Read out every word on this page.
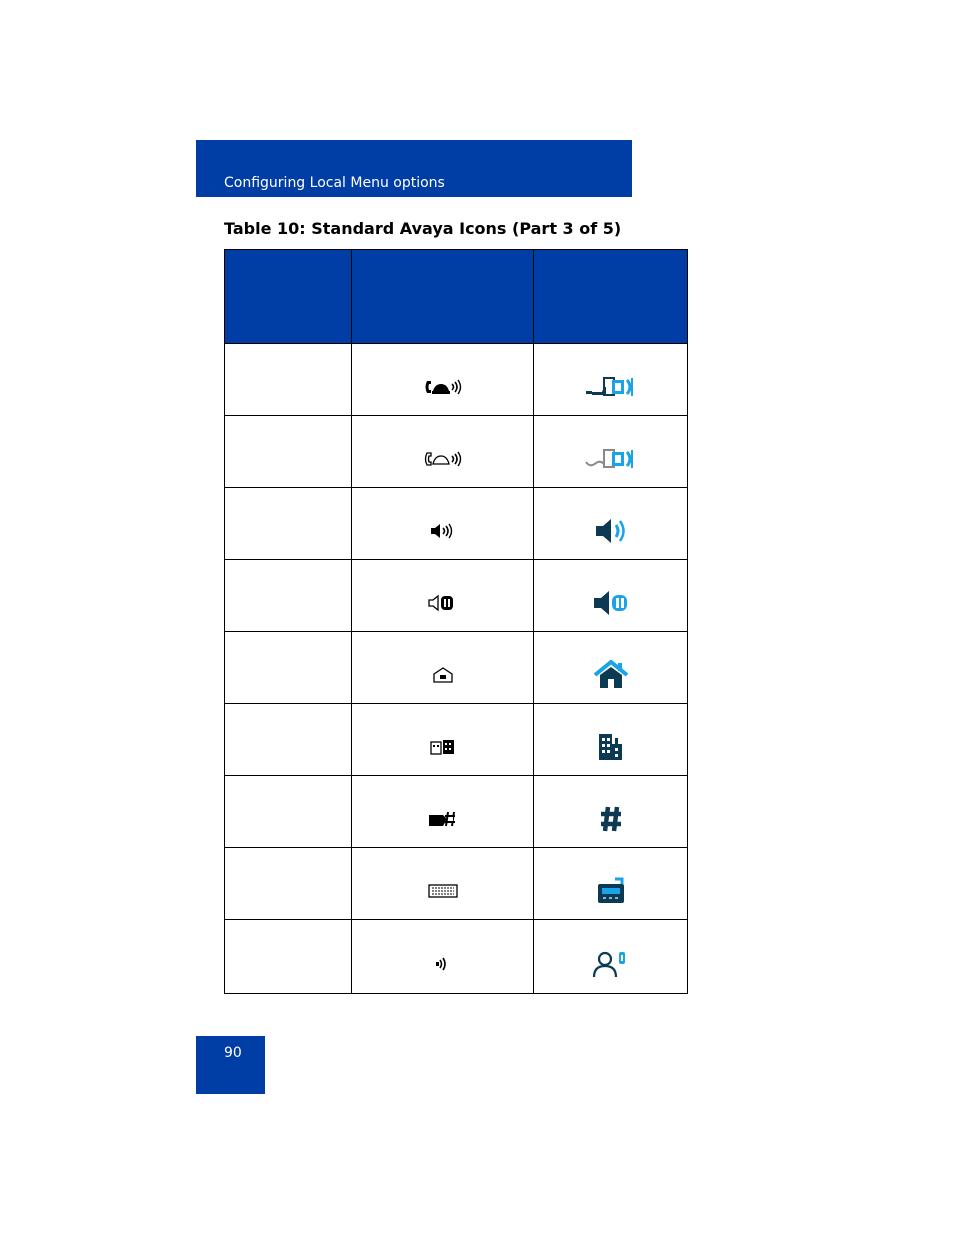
Configuring Local Menu options
Table 10: Standard Avaya Icons (Part 3 of 5)

90
